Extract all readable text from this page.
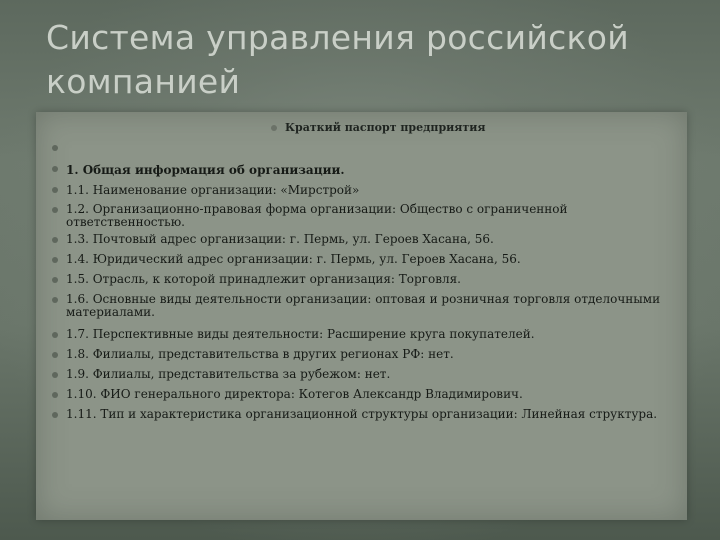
Система управления российской компанией
Краткий паспорт предприятия
1. Общая информация об организации.
1.1. Наименование организации: «Мирстрой»
1.2. Организационно-правовая форма организации: Общество с ограниченной ответственностью.
1.3. Почтовый адрес организации: г. Пермь, ул. Героев Хасана, 56.
1.4. Юридический адрес организации: г. Пермь, ул. Героев Хасана, 56.
1.5. Отрасль, к которой принадлежит организация: Торговля.
1.6. Основные виды деятельности организации: оптовая и розничная торговля отделочными материалами.
1.7. Перспективные виды деятельности: Расширение круга покупателей.
1.8. Филиалы, представительства в других регионах РФ: нет.
1.9. Филиалы, представительства за рубежом: нет.
1.10. ФИО генерального директора: Котегов Александр Владимирович.
1.11. Тип и характеристика организационной структуры организации: Линейная структура.
